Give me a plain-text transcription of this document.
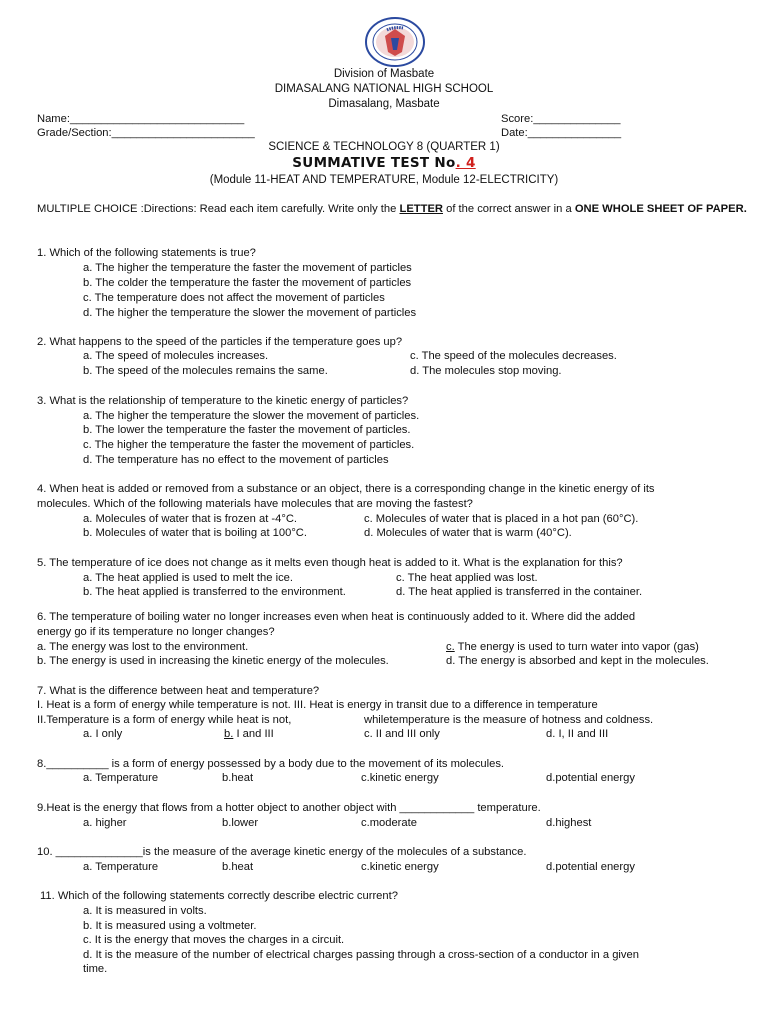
Division of Masbate
DIMASALANG NATIONAL HIGH SCHOOL
Dimasalang, Masbate
Name:____________________________	Score:______________
Grade/Section:_______________________	Date:_______________
SCIENCE & TECHNOLOGY 8 (QUARTER 1)
SUMMATIVE TEST No. 4
(Module 11-HEAT AND TEMPERATURE, Module 12-ELECTRICITY)
MULTIPLE CHOICE :Directions: Read each item carefully. Write only the LETTER of the correct answer in a ONE WHOLE SHEET OF PAPER.
1. Which of the following statements is true?
a. The higher the temperature the faster the movement of particles
b. The colder the temperature the faster the movement of particles
c. The temperature does not affect the movement of particles
d. The higher the temperature the slower the movement of particles
2. What happens to the speed of the particles if the temperature goes up?
a. The speed of molecules increases.	c. The speed of the molecules decreases.
b. The speed of the molecules remains the same.	d. The molecules stop moving.
3. What is the relationship of temperature to the kinetic energy of particles?
a. The higher the temperature the slower the movement of particles.
b. The lower the temperature the faster the movement of particles.
c. The higher the temperature the faster the movement of particles.
d. The temperature has no effect to the movement of particles
4. When heat is added or removed from a substance or an object, there is a corresponding change in the kinetic energy of its
molecules. Which of the following materials have molecules that are moving the fastest?
a. Molecules of water that is frozen at -4°C.	c. Molecules of water that is placed in a hot pan (60°C).
b. Molecules of water that is boiling at 100°C.	d. Molecules of water that is warm (40°C).
5. The temperature of ice does not change as it melts even though heat is added to it. What is the explanation for this?
a. The heat applied is used to melt the ice.	c. The heat applied was lost.
b. The heat applied is transferred to the environment.	d. The heat applied is transferred in the container.
6. The temperature of boiling water no longer increases even when heat is continuously added to it. Where did the added
energy go if its temperature no longer changes?
a. The energy was lost to the environment.	c. The energy is used to turn water into vapor (gas)
b. The energy is used in increasing the kinetic energy of the molecules.	d. The energy is absorbed and kept in the molecules.
7. What is the difference between heat and temperature?
I. Heat is a form of energy while temperature is not. III. Heat is energy in transit due to a difference in temperature
II.Temperature is a form of energy while heat is not,	whiletemperature is the measure of hotness and coldness.
a. I only	b. I and III	c. II and III only	d. I, II and III
8.__________ is a form of energy possessed by a body due to the movement of its molecules.
a. Temperature	b.heat	c.kinetic energy	d.potential energy
9.Heat is the energy that flows from a hotter object to another object with ____________ temperature.
a. higher	b.lower	c.moderate	d.highest
10. ______________is the measure of the average kinetic energy of the molecules of a substance.
a. Temperature	b.heat	c.kinetic energy	d.potential energy
11. Which of the following statements correctly describe electric current?
a. It is measured in volts.
b. It is measured using a voltmeter.
c. It is the energy that moves the charges in a circuit.
d. It is the measure of the number of electrical charges passing through a cross-section of a conductor in a given
time.
